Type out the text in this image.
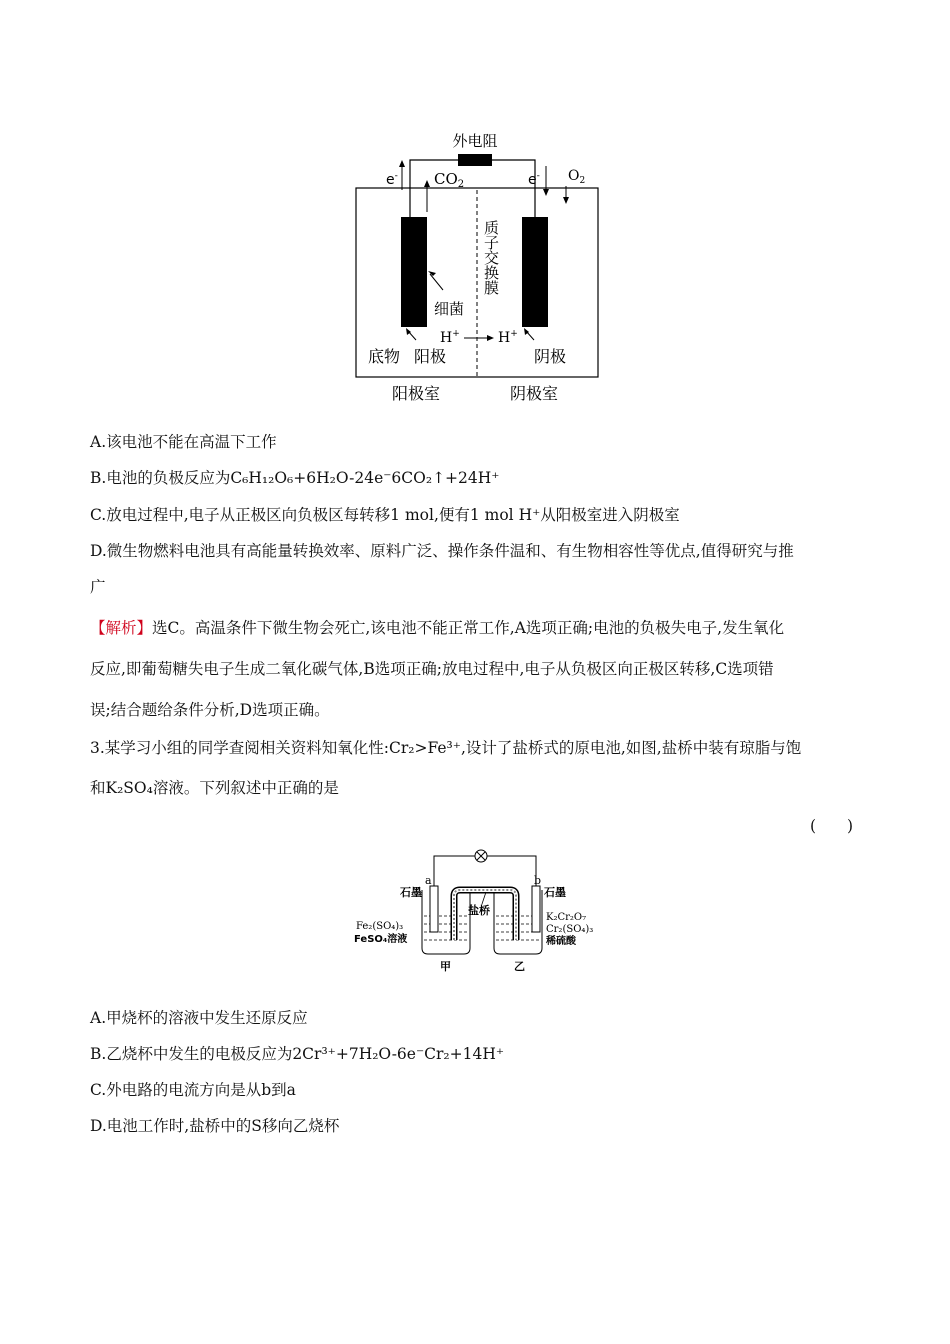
外电阻
e-	e-
$CO_2$
$O_2$
质子交换膜
细菌
H+	H+
底物 阳极	阴极
阳极室	阴极室
A.该电池不能在高温下工作
B.电池的负极反应为C₆H₁₂O₆+6H₂O-24e⁻6CO₂↑+24H⁺
C.放电过程中,电子从正极区向负极区每转移1 mol,便有1 mol H⁺从阳极室进入阴极室
D.微生物燃料电池具有高能量转换效率、原料广泛、操作条件温和、有生物相容性等优点,值得研究与推
广
【解析】选C。高温条件下微生物会死亡,该电池不能正常工作,A选项正确;电池的负极失电子,发生氧化
反应,即葡萄糖失电子生成二氧化碳气体,B选项正确;放电过程中,电子从负极区向正极区转移,C选项错
误;结合题给条件分析,D选项正确。
3.某学习小组的同学查阅相关资料知氧化性:Cr₂>Fe³⁺,设计了盐桥式的原电池,如图,盐桥中装有琼脂与饱
和K₂SO₄溶液。下列叙述中正确的是
(　　)
a	b
石墨	石墨
盐桥
Fe₂(SO₄)₃
FeSO₄溶液
K₂Cr₂O₇
Cr₂(SO₄)₃
稀硫酸
甲	乙
A.甲烧杯的溶液中发生还原反应
B.乙烧杯中发生的电极反应为2Cr³⁺+7H₂O-6e⁻Cr₂+14H⁺
C.外电路的电流方向是从b到a
D.电池工作时,盐桥中的S移向乙烧杯
